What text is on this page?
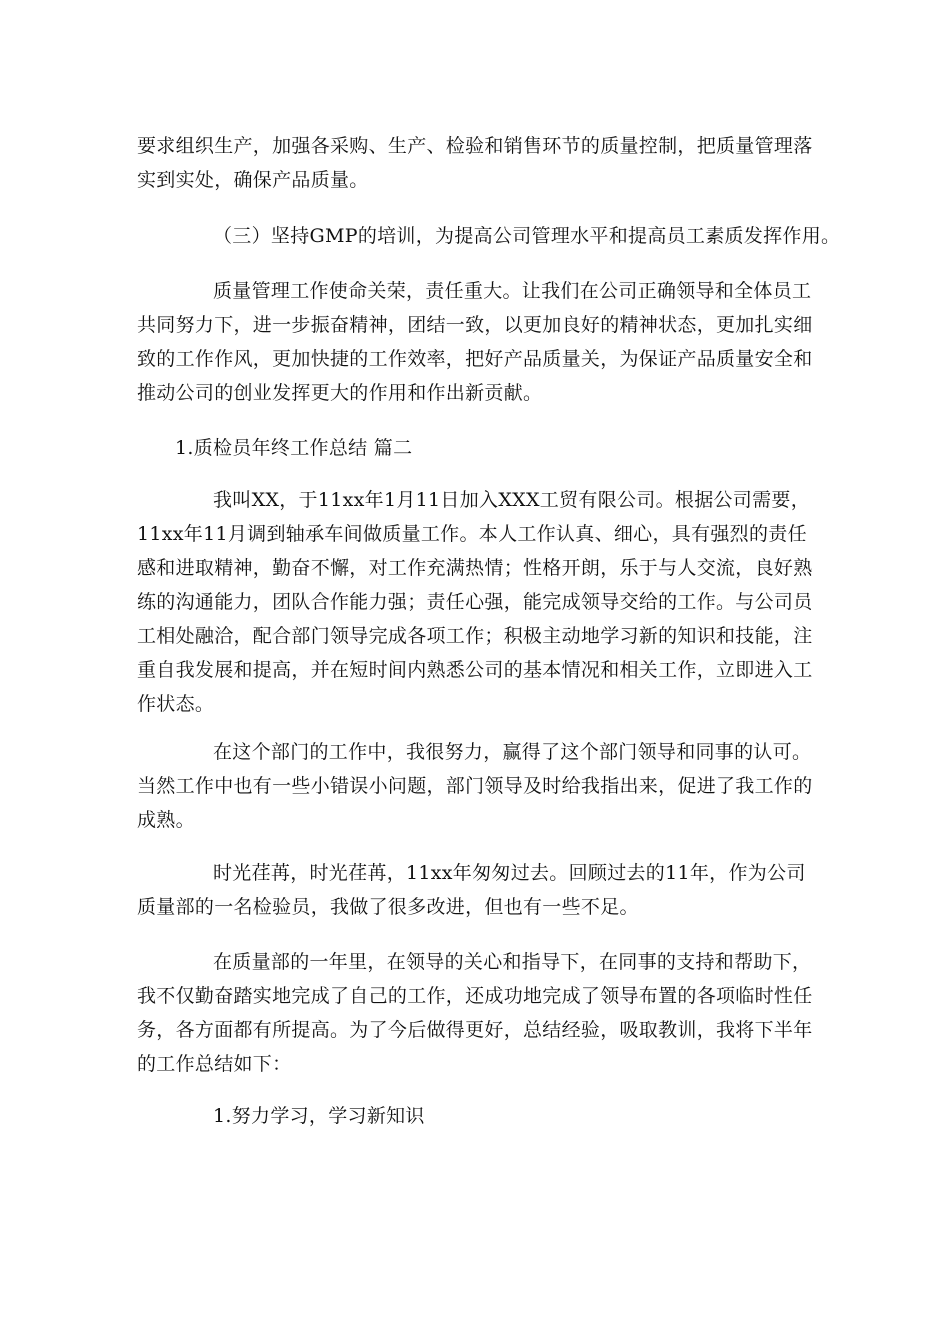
要求组织生产，加强各采购、生产、检验和销售环节的质量控制，把质量管理落实到实处，确保产品质量。

（三）坚持GMP的培训，为提高公司管理水平和提高员工素质发挥作用。

质量管理工作使命关荣，责任重大。让我们在公司正确领导和全体员工共同努力下，进一步振奋精神，团结一致，以更加良好的精神状态，更加扎实细致的工作作风，更加快捷的工作效率，把好产品质量关，为保证产品质量安全和推动公司的创业发挥更大的作用和作出新贡献。

1.质检员年终工作总结 篇二

我叫XX，于11xx年1月11日加入XXX工贸有限公司。根据公司需要，11xx年11月调到轴承车间做质量工作。本人工作认真、细心，具有强烈的责任感和进取精神，勤奋不懈，对工作充满热情；性格开朗，乐于与人交流，良好熟练的沟通能力，团队合作能力强；责任心强，能完成领导交给的工作。与公司员工相处融洽，配合部门领导完成各项工作；积极主动地学习新的知识和技能，注重自我发展和提高，并在短时间内熟悉公司的基本情况和相关工作，立即进入工作状态。

在这个部门的工作中，我很努力，赢得了这个部门领导和同事的认可。当然工作中也有一些小错误小问题，部门领导及时给我指出来，促进了我工作的成熟。

时光荏苒，时光荏苒，11xx年匆匆过去。回顾过去的11年，作为公司质量部的一名检验员，我做了很多改进，但也有一些不足。

在质量部的一年里，在领导的关心和指导下，在同事的支持和帮助下，我不仅勤奋踏实地完成了自己的工作，还成功地完成了领导布置的各项临时性任务，各方面都有所提高。为了今后做得更好，总结经验，吸取教训，我将下半年的工作总结如下：

1.努力学习，学习新知识
